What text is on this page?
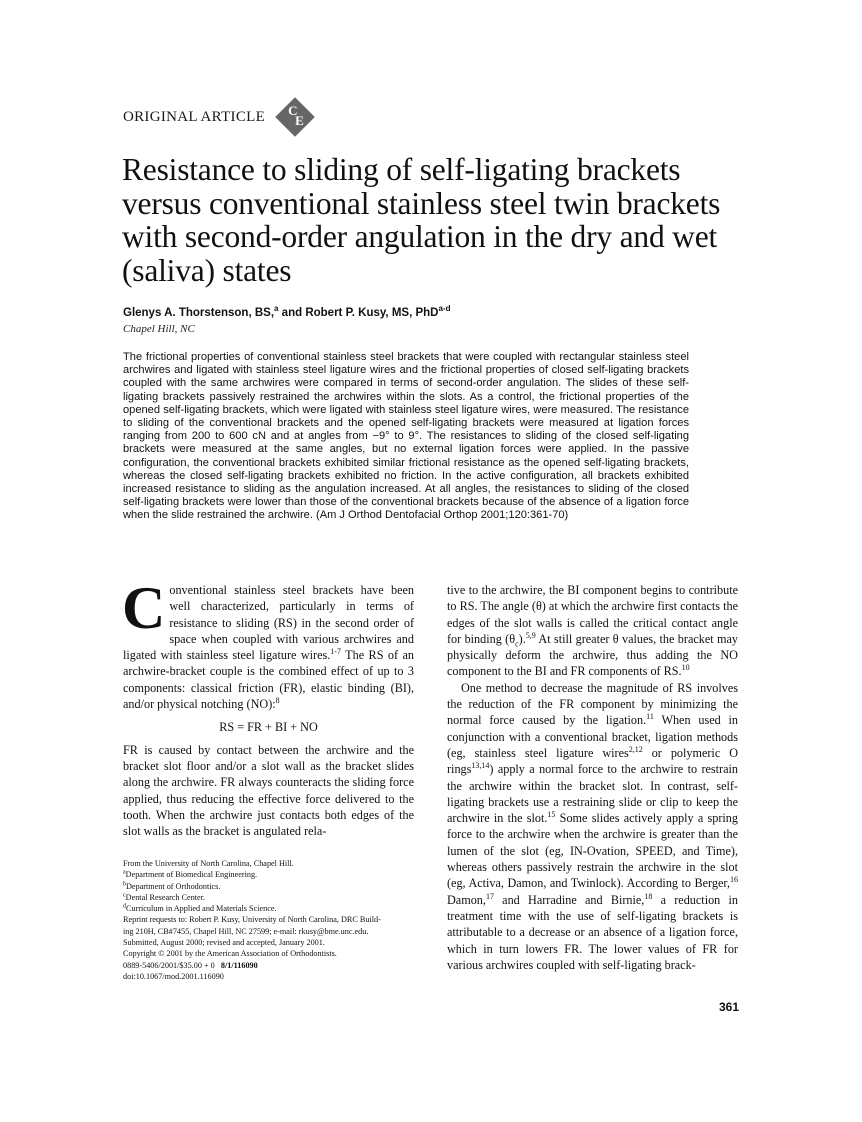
ORIGINAL ARTICLE C
E
Resistance to sliding of self-ligating brackets versus conventional stainless steel twin brackets with second-order angulation in the dry and wet (saliva) states
Glenys A. Thorstenson, BS,$^a$ and Robert P. Kusy, MS, PhD$^{a-d}$
Chapel Hill, NC

The frictional properties of conventional stainless steel brackets that were coupled with rectangular stainless steel archwires and ligated with stainless steel ligature wires and the frictional properties of closed self-ligating brackets coupled with the same archwires were compared in terms of second-order angulation. The slides of these self-ligating brackets passively restrained the archwires within the slots. As a control, the frictional properties of the opened self-ligating brackets, which were ligated with stainless steel ligature wires, were measured. The resistance to sliding of the conventional brackets and the opened self-ligating brackets were measured at ligation forces ranging from 200 to 600 cN and at angles from −9° to 9°. The resistances to sliding of the closed self-ligating brackets were measured at the same angles, but no external ligation forces were applied. In the passive configuration, the conventional brackets exhibited similar frictional resistance as the opened self-ligating brackets, whereas the closed self-ligating brackets exhibited no friction. In the active configuration, all brackets exhibited increased resistance to sliding as the angulation increased. At all angles, the resistances to sliding of the closed self-ligating brackets were lower than those of the conventional brackets because of the absence of a ligation force when the slide restrained the archwire. (Am J Orthod Dentofacial Orthop 2001;120:361-70)

Conventional stainless steel brackets have been well characterized, particularly in terms of resistance to sliding (RS) in the second order of space when coupled with various archwires and ligated with stainless steel ligature wires.$^{1-7}$ The RS of an archwire-bracket couple is the combined effect of up to 3 components: classical friction (FR), elastic binding (BI), and/or physical notching (NO):$^8$

RS = FR + BI + NO

FR is caused by contact between the archwire and the bracket slot floor and/or a slot wall as the bracket slides along the archwire. FR always counteracts the sliding force applied, thus reducing the effective force delivered to the tooth. When the archwire just contacts both edges of the slot walls as the bracket is angulated rela-

tive to the archwire, the BI component begins to contribute to RS. The angle (θ) at which the archwire first contacts the edges of the slot walls is called the critical contact angle for binding $(\theta_c).^{5,9}$ At still greater θ values, the bracket may physically deform the archwire, thus adding the NO component to the BI and FR components of RS.$^{10}$

One method to decrease the magnitude of RS involves the reduction of the FR component by minimizing the normal force caused by the ligation.$^{11}$ When used in conjunction with a conventional bracket, ligation methods (eg, stainless steel ligature wires$^{2,12}$ or polymeric O rings$^{13,14}$) apply a normal force to the archwire to restrain the archwire within the bracket slot. In contrast, self-ligating brackets use a restraining slide or clip to keep the archwire in the slot.$^{15}$ Some slides actively apply a spring force to the archwire when the archwire is greater than the lumen of the slot (eg, IN-Ovation, SPEED, and Time), whereas others passively restrain the archwire in the slot (eg, Activa, Damon, and Twinlock). According to Berger,$^{16}$ Damon,$^{17}$ and Harradine and Birnie,$^{18}$ a reduction in treatment time with the use of self-ligating brackets is attributable to a decrease or an absence of a ligation force, which in turn lowers FR. The lower values of FR for various archwires coupled with self-ligating brack-

From the University of North Carolina, Chapel Hill.
$^a$Department of Biomedical Engineering.
$^b$Department of Orthodontics.
$^c$Dental Research Center.
$^d$Curriculum in Applied and Materials Science.
Reprint requests to: Robert P. Kusy, University of North Carolina, DRC Build-
ing 210H, CB#7455, Chapel Hill, NC 27599; e-mail: rkusy@bme.unc.edu.
Submitted, August 2000; revised and accepted, January 2001.
Copyright © 2001 by the American Association of Orthodontists.
0889-5406/2001/$35.00 + 0 8/1/116090
doi:10.1067/mod.2001.116090
361
